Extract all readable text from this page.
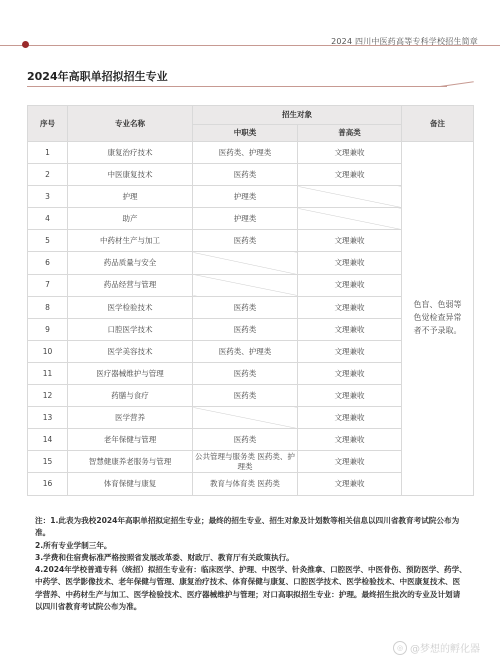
2024 四川中医药高等专科学校招生简章
2024年高职单招拟招生专业
序号	专业名称	招生对象		备注
		中职类	普高类	
1	康复治疗技术	医药类、护理类	文理兼收	色盲、色弱等色觉检查异常者不予录取。
2	中医康复技术	医药类	文理兼收	
3	护理	护理类		
4	助产	护理类		
5	中药材生产与加工	医药类	文理兼收	
6	药品质量与安全		文理兼收	
7	药品经营与管理		文理兼收	
8	医学检验技术	医药类	文理兼收	
9	口腔医学技术	医药类	文理兼收	
10	医学美容技术	医药类、护理类	文理兼收	
11	医疗器械维护与管理	医药类	文理兼收	
12	药膳与食疗	医药类	文理兼收	
13	医学营养		文理兼收	
14	老年保健与管理	医药类	文理兼收	
15	智慧健康养老服务与管理	公共管理与服务类 医药类、护理类	文理兼收	
16	体育保健与康复	教育与体育类 医药类	文理兼收	

注：1.此表为我校2024年高职单招拟定招生专业；最终的招生专业、招生对象及计划数等相关信息以四川省教育考试院公布为准。

2.所有专业学制三年。

3.学费和住宿费标准严格按照省发展改革委、财政厅、教育厅有关政策执行。

4.2024年学校普通专科（统招）拟招生专业有：临床医学、护理、中医学、针灸推拿、口腔医学、中医骨伤、预防医学、药学、中药学、医学影像技术、老年保健与管理、康复治疗技术、体育保健与康复、口腔医学技术、医学检验技术、中医康复技术、医学营养、中药材生产与加工、医学检验技术、医疗器械维护与管理；对口高职拟招生专业：护理。最终招生批次的专业及计划请以四川省教育考试院公布为准。

◎ @梦想的孵化器
